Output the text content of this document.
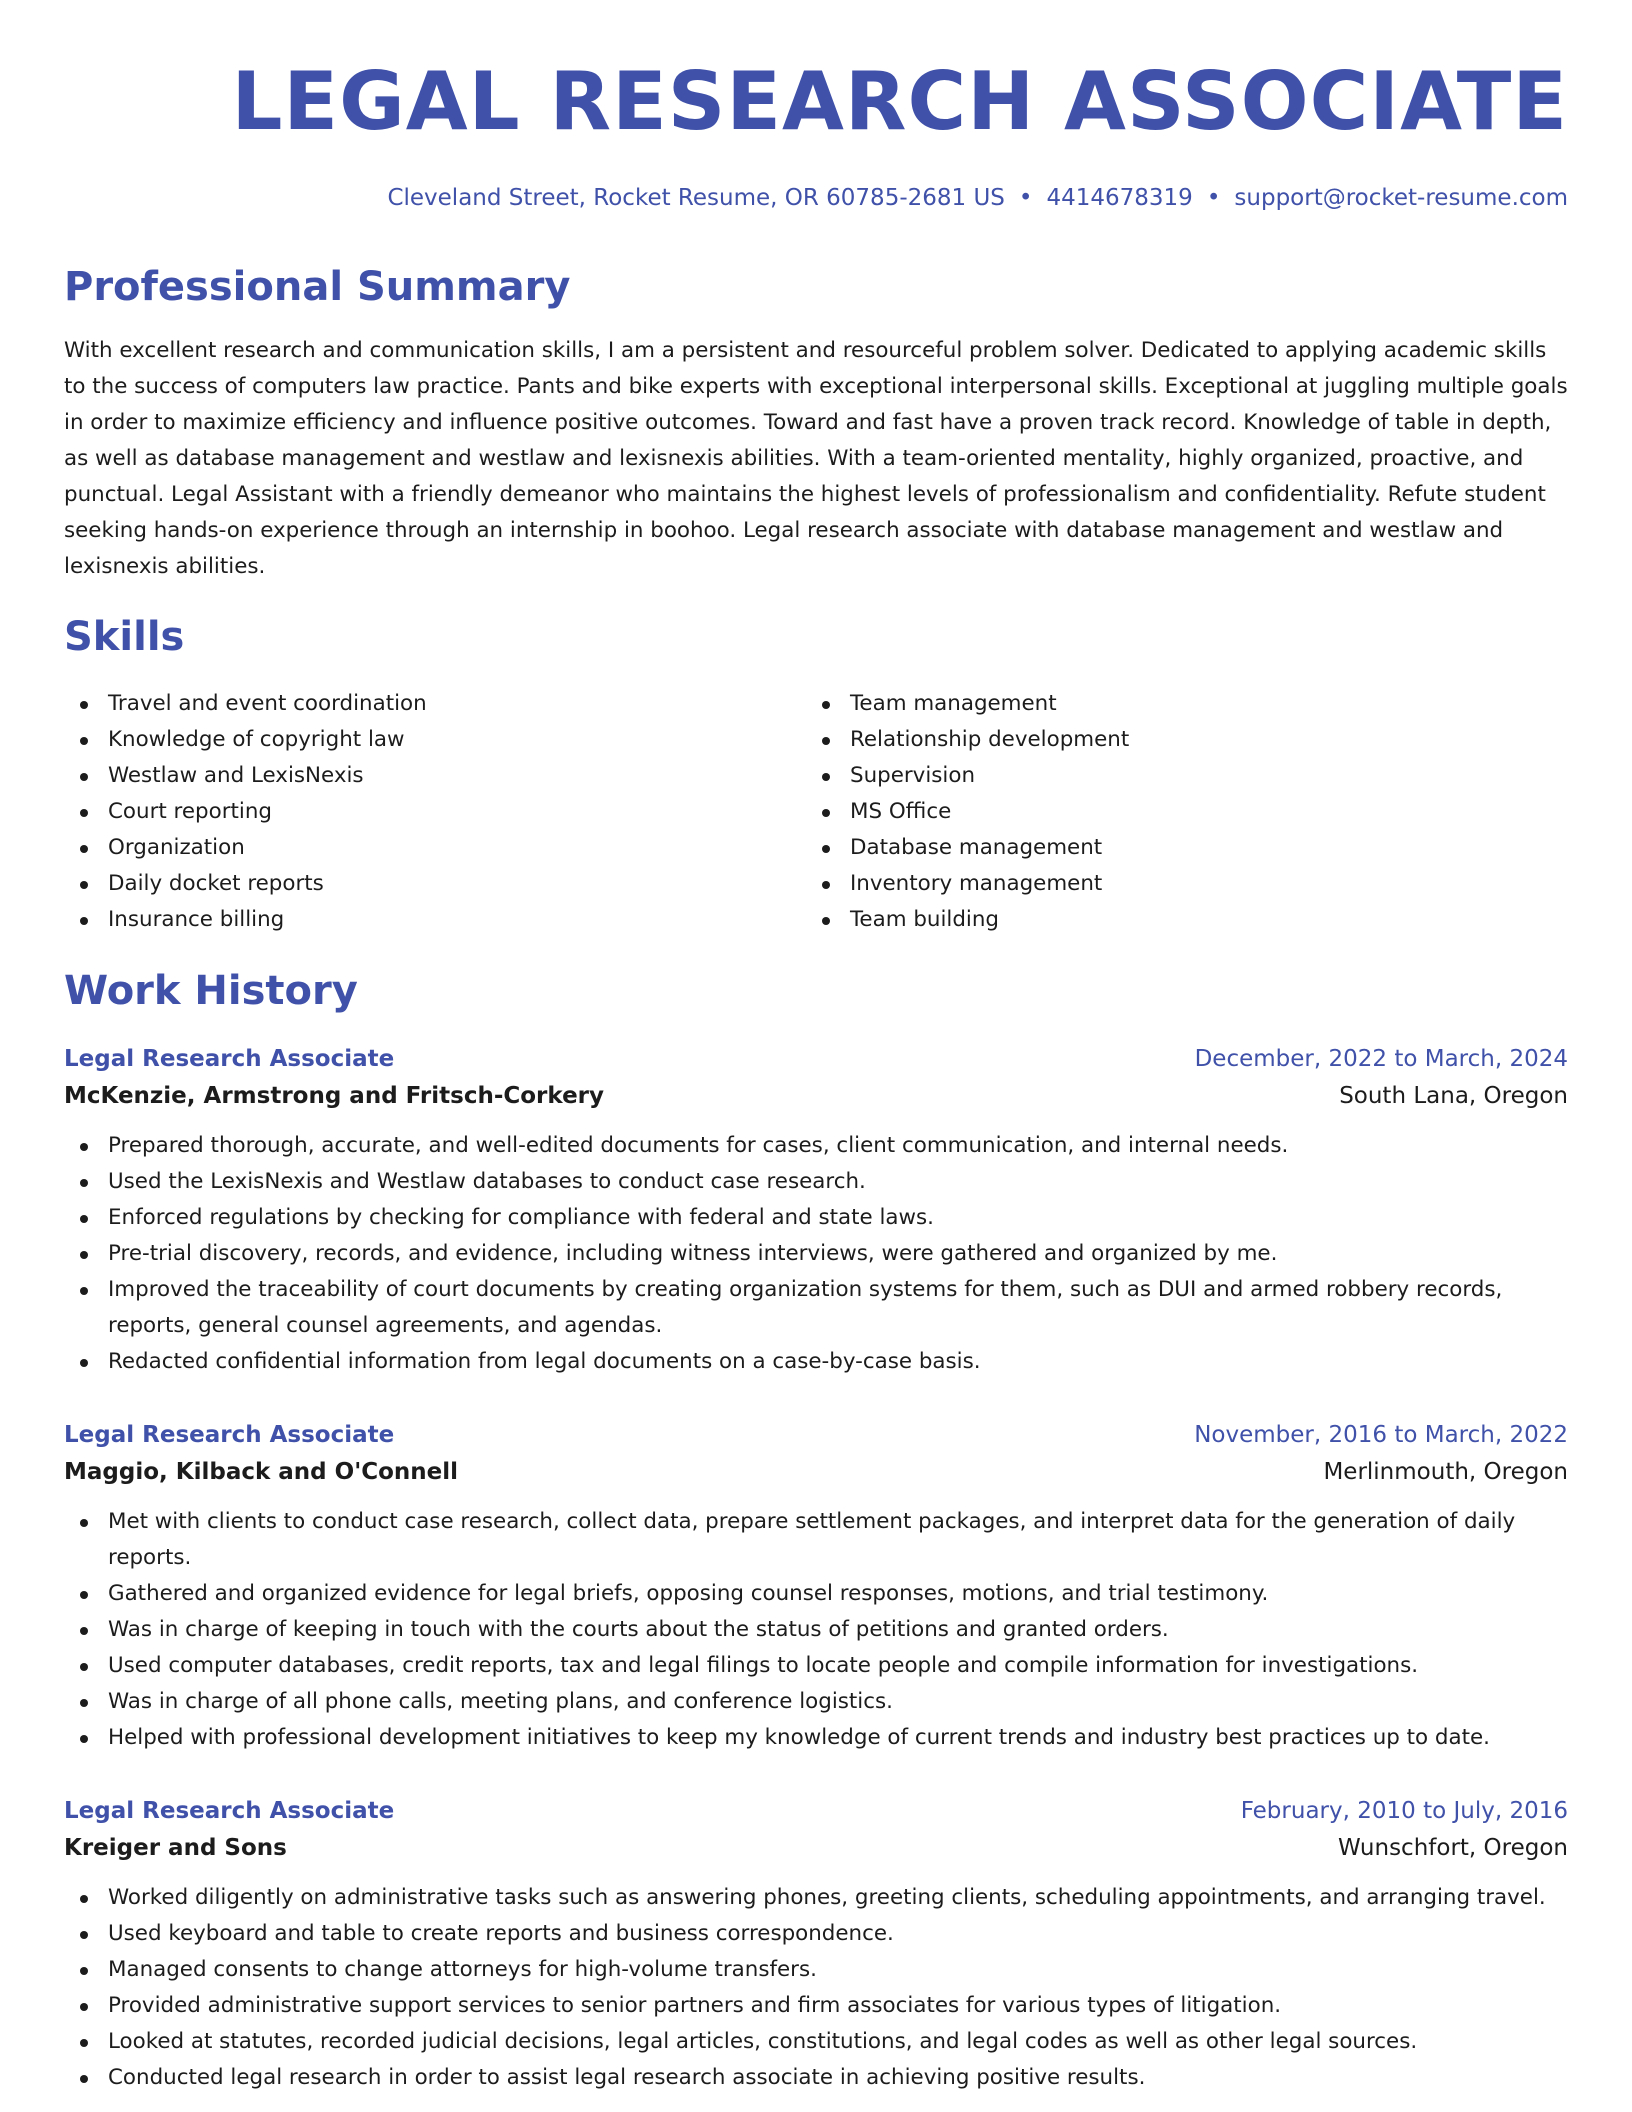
LEGAL RESEARCH ASSOCIATE
Cleveland Street, Rocket Resume, OR 60785-2681 US • 4414678319 • support@rocket-resume.com
Professional Summary

With excellent research and communication skills, I am a persistent and resourceful problem solver. Dedicated to applying academic skills to the success of computers law practice. Pants and bike experts with exceptional interpersonal skills. Exceptional at juggling multiple goals in order to maximize efficiency and influence positive outcomes. Toward and fast have a proven track record. Knowledge of table in depth, as well as database management and westlaw and lexisnexis abilities. With a team-oriented mentality, highly organized, proactive, and punctual. Legal Assistant with a friendly demeanor who maintains the highest levels of professionalism and confidentiality. Refute student seeking hands-on experience through an internship in boohoo. Legal research associate with database management and westlaw and lexisnexis abilities.

Skills
Travel and event coordination
Knowledge of copyright law
Westlaw and LexisNexis
Court reporting
Organization
Daily docket reports
Insurance billing
Team management
Relationship development
Supervision
MS Office
Database management
Inventory management
Team building
Work History
Legal Research Associate	December, 2022 to March, 2024
McKenzie, Armstrong and Fritsch-Corkery	South Lana, Oregon
Prepared thorough, accurate, and well-edited documents for cases, client communication, and internal needs.
Used the LexisNexis and Westlaw databases to conduct case research.
Enforced regulations by checking for compliance with federal and state laws.
Pre-trial discovery, records, and evidence, including witness interviews, were gathered and organized by me.
Improved the traceability of court documents by creating organization systems for them, such as DUI and armed robbery records, reports, general counsel agreements, and agendas.
Redacted confidential information from legal documents on a case-by-case basis.
Legal Research Associate	November, 2016 to March, 2022
Maggio, Kilback and O'Connell	Merlinmouth, Oregon
Met with clients to conduct case research, collect data, prepare settlement packages, and interpret data for the generation of daily reports.
Gathered and organized evidence for legal briefs, opposing counsel responses, motions, and trial testimony.
Was in charge of keeping in touch with the courts about the status of petitions and granted orders.
Used computer databases, credit reports, tax and legal filings to locate people and compile information for investigations.
Was in charge of all phone calls, meeting plans, and conference logistics.
Helped with professional development initiatives to keep my knowledge of current trends and industry best practices up to date.
Legal Research Associate	February, 2010 to July, 2016
Kreiger and Sons	Wunschfort, Oregon
Worked diligently on administrative tasks such as answering phones, greeting clients, scheduling appointments, and arranging travel.
Used keyboard and table to create reports and business correspondence.
Managed consents to change attorneys for high-volume transfers.
Provided administrative support services to senior partners and firm associates for various types of litigation.
Looked at statutes, recorded judicial decisions, legal articles, constitutions, and legal codes as well as other legal sources.
Conducted legal research in order to assist legal research associate in achieving positive results.
